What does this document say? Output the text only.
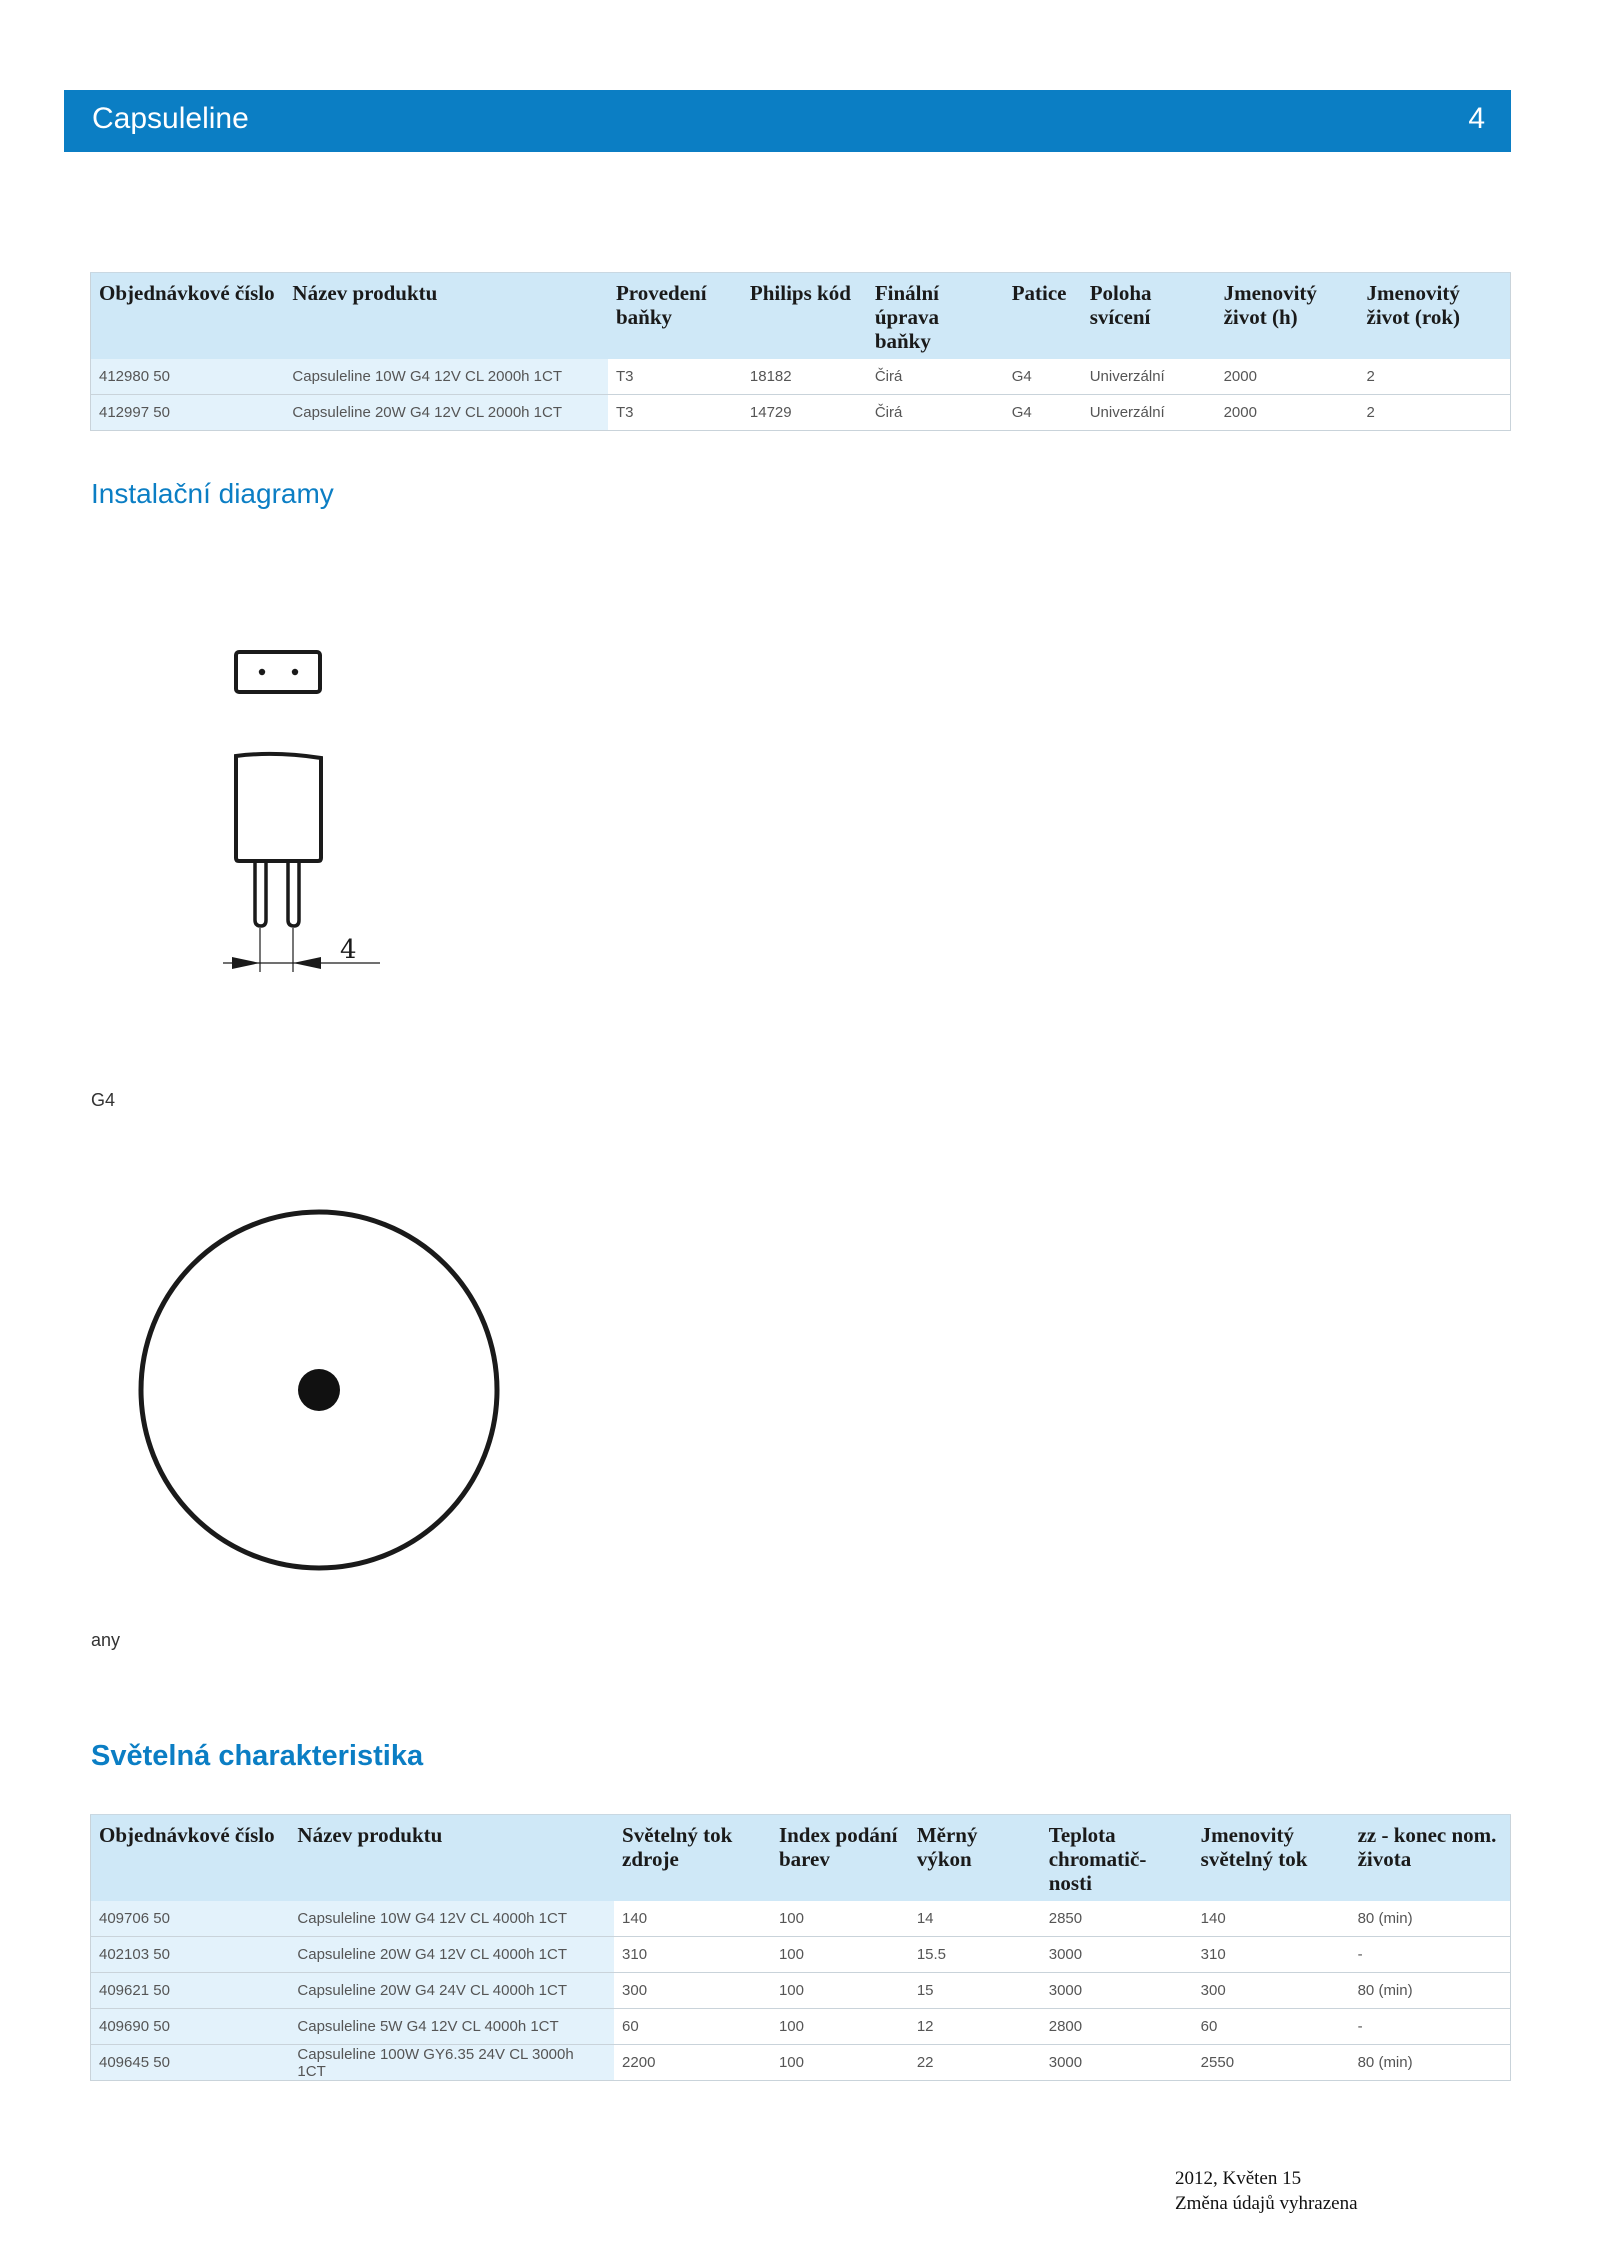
Capsuleline	4
Objednávkové číslo	Název produktu	Provedení baňky	Philips kód	Finální úprava baňky	Patice	Poloha svícení	Jmenovitý život (h)	Jmenovitý život (rok)
412980 50	Capsuleline 10W G4 12V CL 2000h 1CT	T3	18182	Čirá	G4	Univerzální	2000	2
412997 50	Capsuleline 20W G4 12V CL 2000h 1CT	T3	14729	Čirá	G4	Univerzální	2000	2
Instalační diagramy
4
G4
any
Světelná charakteristika
Objednávkové číslo	Název produktu	Světelný tok zdroje	Index podání barev	Měrný výkon	Teplota chromatič-nosti	Jmenovitý světelný tok	zz - konec nom. života
409706 50	Capsuleline 10W G4 12V CL 4000h 1CT	140	100	14	2850	140	80 (min)
402103 50	Capsuleline 20W G4 12V CL 4000h 1CT	310	100	15.5	3000	310	-
409621 50	Capsuleline 20W G4 24V CL 4000h 1CT	300	100	15	3000	300	80 (min)
409690 50	Capsuleline 5W G4 12V CL 4000h 1CT	60	100	12	2800	60	-
409645 50	Capsuleline 100W GY6.35 24V CL 3000h 1CT	2200	100	22	3000	2550	80 (min)
2012, Květen 15
Změna údajů vyhrazena
